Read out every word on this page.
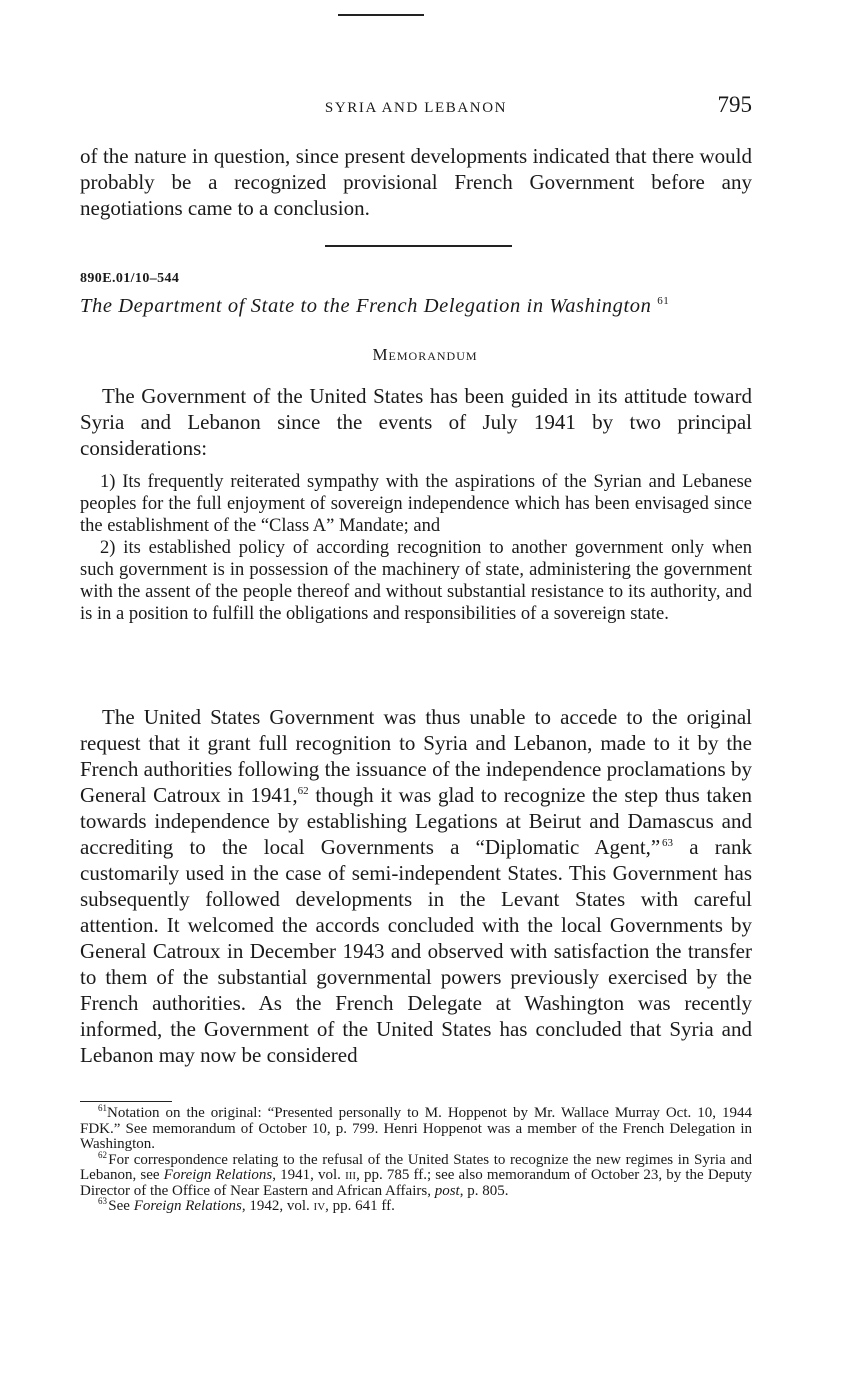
SYRIA AND LEBANON	795

of the nature in question, since present developments indicated that there would probably be a recognized provisional French Government before any negotiations came to a conclusion.

890E.01/10–544
The Department of State to the French Delegation in Washington $^{61}$
Memorandum

The Government of the United States has been guided in its attitude toward Syria and Lebanon since the events of July 1941 by two principal considerations:

1) Its frequently reiterated sympathy with the aspirations of the Syrian and Lebanese peoples for the full enjoyment of sovereign independence which has been envisaged since the establishment of the “Class A” Mandate; and

2) its established policy of according recognition to another government only when such government is in possession of the machinery of state, administering the government with the assent of the people thereof and without substantial resistance to its authority, and is in a position to fulfill the obligations and responsibilities of a sovereign state.

The United States Government was thus unable to accede to the original request that it grant full recognition to Syria and Lebanon, made to it by the French authorities following the issuance of the independence proclamations by General Catroux in 1941,62 though it was glad to recognize the step thus taken towards independence by establishing Legations at Beirut and Damascus and accrediting to the local Governments a “Diplomatic Agent,”  $^{63}$ a rank customarily used in the case of semi-independent States. This Government has subsequently followed developments in the Levant States with careful attention. It welcomed the accords concluded with the local Governments by General Catroux in December 1943 and observed with satisfaction the transfer to them of the substantial governmental powers previously exercised by the French authorities. As the French Delegate at Washington was recently informed, the Government of the United States has concluded that Syria and Lebanon may now be considered

$^{61}$Notation on the original: “Presented personally to M. Hoppenot by Mr. Wallace Murray Oct. 10, 1944 FDK.” See memorandum of October 10, p. 799. Henri Hoppenot was a member of the French Delegation in Washington.

$^{62}$ For correspondence relating to the refusal of the United States to recognize the new regimes in Syria and Lebanon, see Foreign Relations, 1941, vol. iii, pp. 785 ff.; see also memorandum of October 23, by the Deputy Director of the Office of Near Eastern and African Affairs, post, p. 805.

$^{63}$ See Foreign Relations, 1942, vol. iv, pp. 641 ff.
